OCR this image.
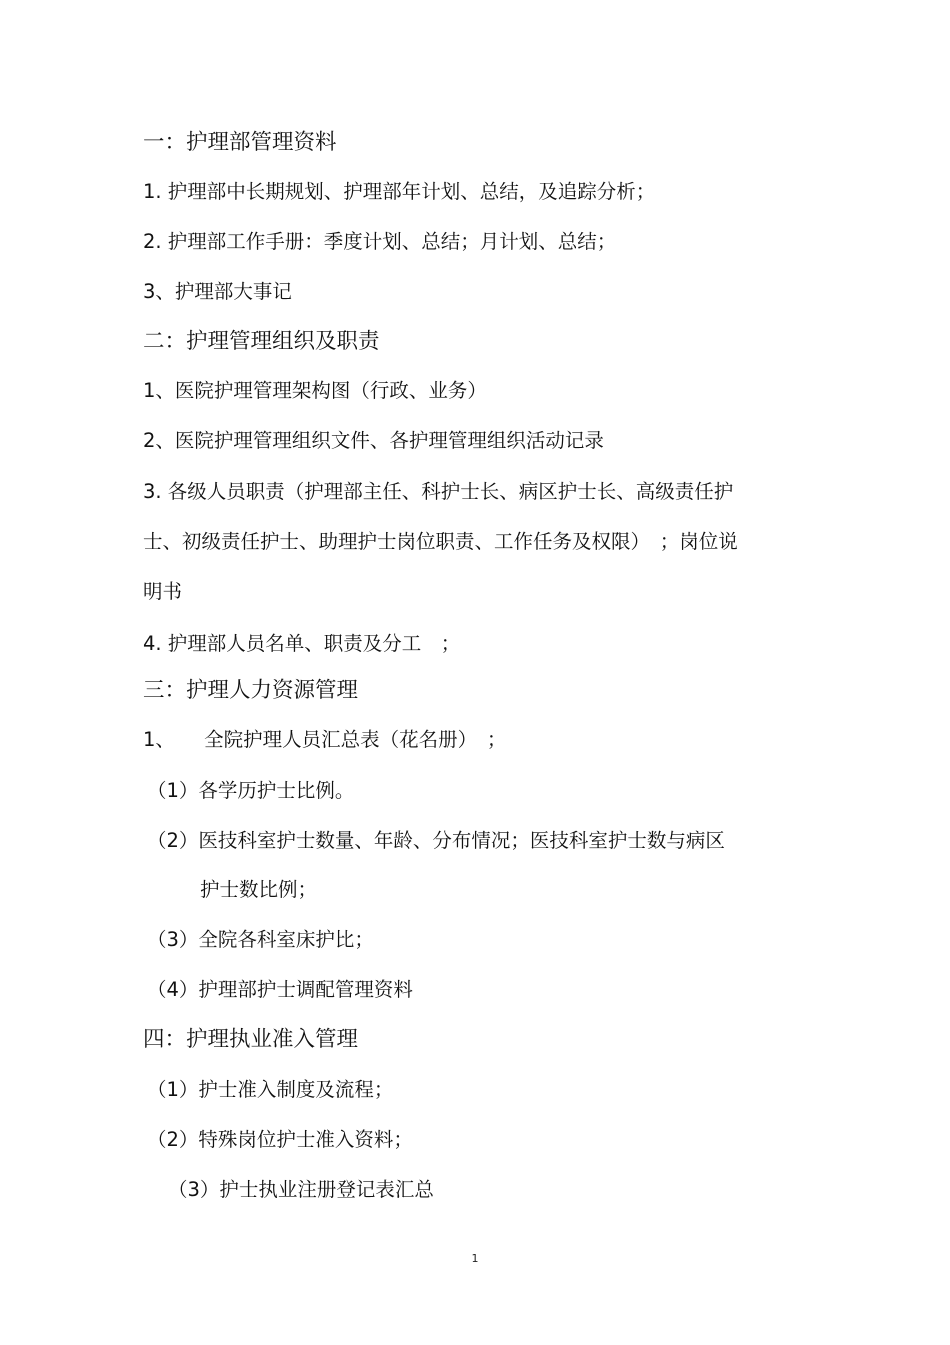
一：护理部管理资料
1. 护理部中长期规划、护理部年计划、总结，及追踪分析；
2. 护理部工作手册：季度计划、总结；月计划、总结；
3、护理部大事记
二：护理管理组织及职责
1、医院护理管理架构图（行政、业务）
2、医院护理管理组织文件、各护理管理组织活动记录
3. 各级人员职责（护理部主任、科护士长、病区护士长、高级责任护
士、初级责任护士、助理护士岗位职责、工作任务及权限）　；岗位说
明书
4. 护理部人员名单、职责及分工　；
三：护理人力资源管理
1、　　全院护理人员汇总表（花名册）　；
（1）各学历护士比例。
（2）医技科室护士数量、年龄、分布情况；医技科室护士数与病区
护士数比例；
（3）全院各科室床护比；
（4）护理部护士调配管理资料
四：护理执业准入管理
（1）护士准入制度及流程；
（2）特殊岗位护士准入资料；
（3）护士执业注册登记表汇总
1
